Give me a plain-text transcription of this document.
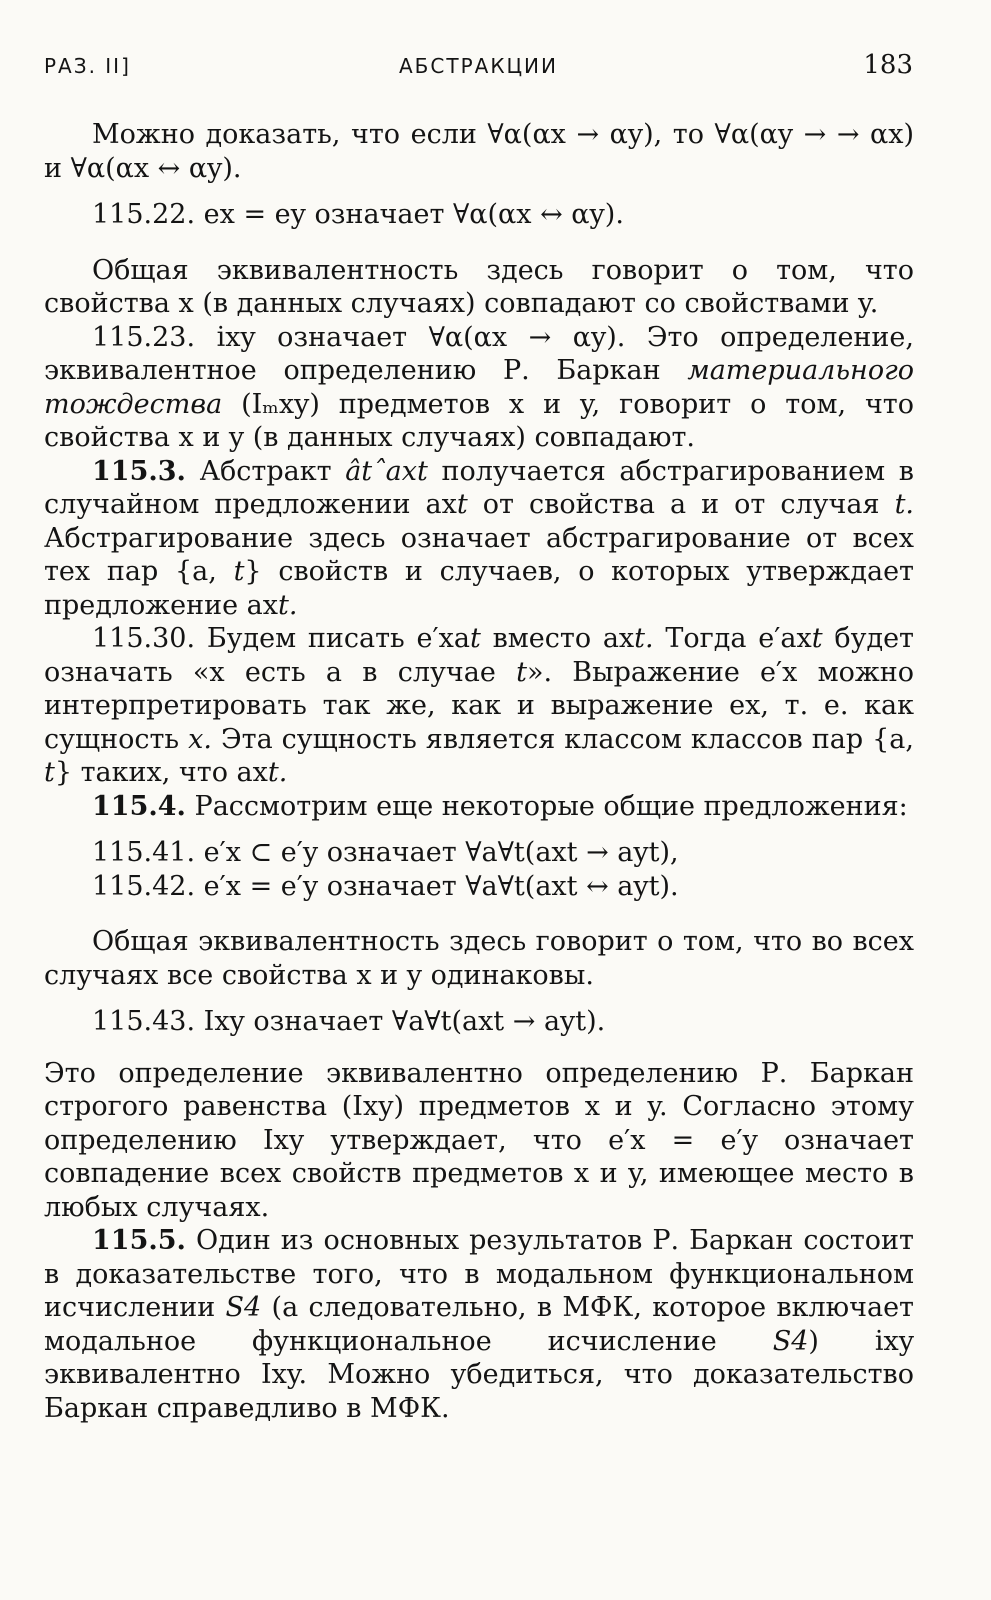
РАЗ. II]	АБСТРАКЦИИ	183

Можно доказать, что если ∀α(αx → αy), то ∀α(αy → → αx) и ∀α(αx ↔ αy).

115.22. ex = ey означает ∀α(αx ↔ αy).

Общая эквивалентность здесь говорит о том, что свойства x (в данных случаях) совпадают со свойствами y.

115.23. ixy означает ∀α(αx → αy). Это определение, эквивалентное определению Р. Баркан материального тождества (Iₘxy) предметов x и y, говорит о том, что свойства x и y (в данных случаях) совпадают.

115.3. Абстракт âtˆaxt получается абстрагированием в случайном предложении axt от свойства a и от случая t. Абстрагирование здесь означает абстрагирование от всех тех пар {a, t} свойств и случаев, о которых утверждает предложение axt.

115.30. Будем писать e′xat вместо axt. Тогда e′axt будет означать «x есть a в случае t». Выражение e′x можно интерпретировать так же, как и выражение ex, т. е. как сущность x. Эта сущность является классом классов пар {a, t} таких, что axt.

115.4. Рассмотрим еще некоторые общие предложения:

115.41. e′x ⊂ e′y означает ∀a∀t(axt → ayt),

115.42. e′x = e′y означает ∀a∀t(axt ↔ ayt).

Общая эквивалентность здесь говорит о том, что во всех случаях все свойства x и y одинаковы.

115.43. Ixy означает ∀a∀t(axt → ayt).

Это определение эквивалентно определению Р. Баркан строгого равенства (Ixy) предметов x и y. Согласно этому определению Ixy утверждает, что e′x = e′y означает совпадение всех свойств предметов x и y, имеющее место в любых случаях.

115.5. Один из основных результатов Р. Баркан состоит в доказательстве того, что в модальном функциональном исчислении S4 (а следовательно, в МФК, которое включает модальное функциональное исчисление S4) ixy эквивалентно Ixy. Можно убедиться, что доказательство Баркан справедливо в МФК.
